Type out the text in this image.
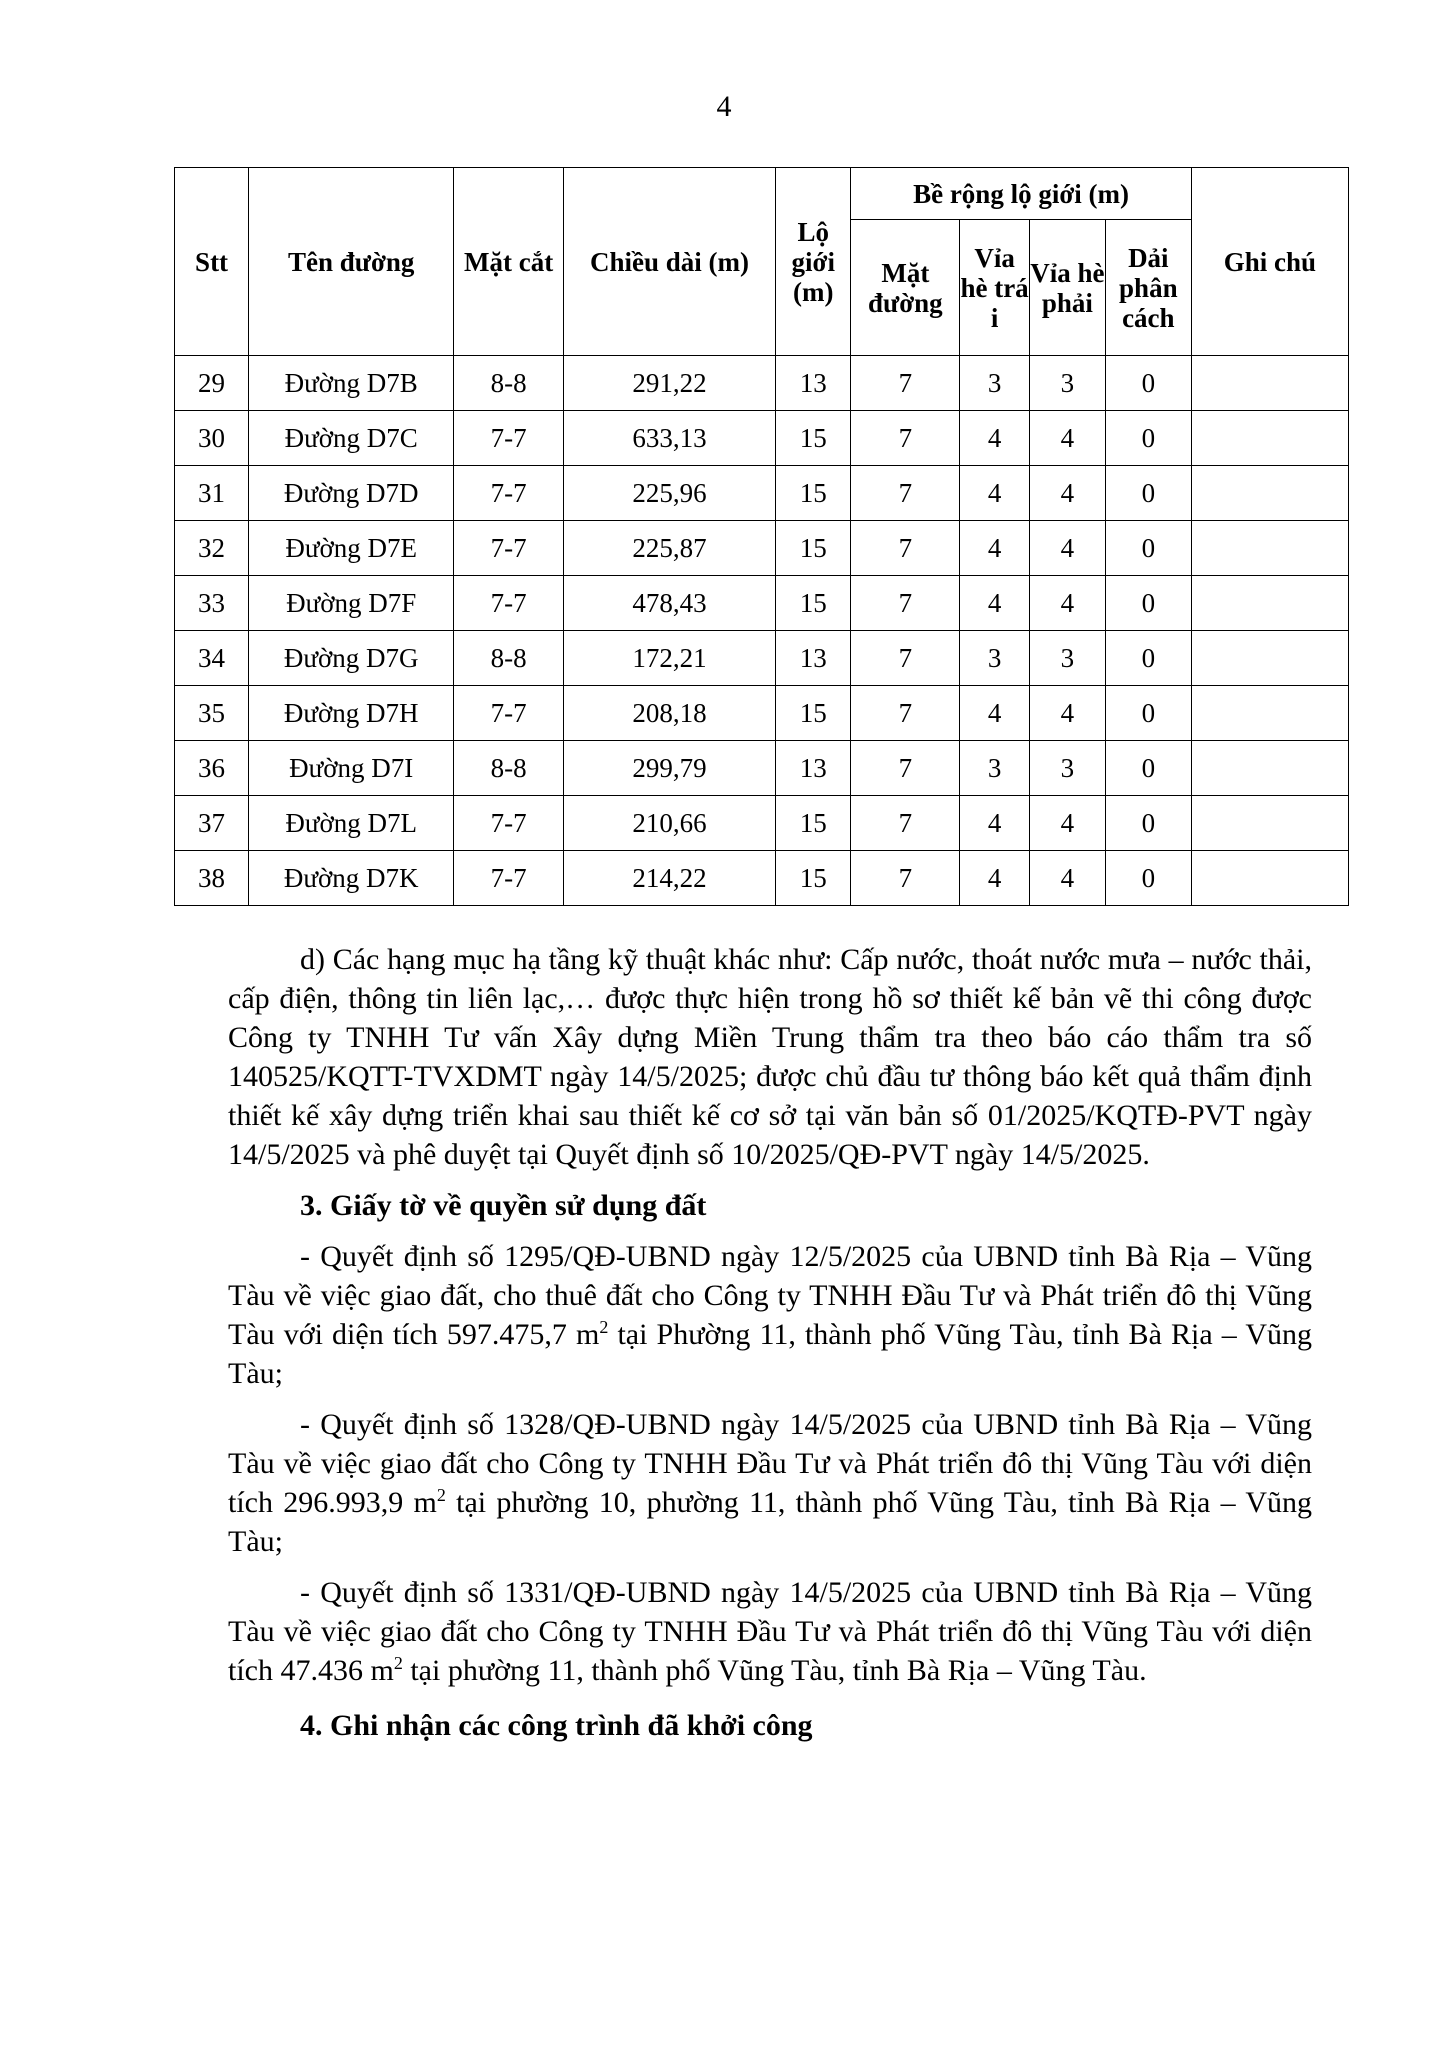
4
Stt	Tên đường	Mặt cắt	Chiều dài (m)	Lộ giới (m)	Bề rộng lộ giới (m)				Ghi chú
					Mặt đường	Vỉa hè trá i	Vỉa hè phải	Dải phân cách	
29	Đường D7B	8-8	291,22	13	7	3	3	0	
30	Đường D7C	7-7	633,13	15	7	4	4	0	
31	Đường D7D	7-7	225,96	15	7	4	4	0	
32	Đường D7E	7-7	225,87	15	7	4	4	0	
33	Đường D7F	7-7	478,43	15	7	4	4	0	
34	Đường D7G	8-8	172,21	13	7	3	3	0	
35	Đường D7H	7-7	208,18	15	7	4	4	0	
36	Đường D7I	8-8	299,79	13	7	3	3	0	
37	Đường D7L	7-7	210,66	15	7	4	4	0	
38	Đường D7K	7-7	214,22	15	7	4	4	0	

d) Các hạng mục hạ tầng kỹ thuật khác như: Cấp nước, thoát nước mưa – nước thải, cấp điện, thông tin liên lạc,… được thực hiện trong hồ sơ thiết kế bản vẽ thi công được Công ty TNHH Tư vấn Xây dựng Miền Trung thẩm tra theo báo cáo thẩm tra số 140525/KQTT-TVXDMT ngày 14/5/2025; được chủ đầu tư thông báo kết quả thẩm định thiết kế xây dựng triển khai sau thiết kế cơ sở tại văn bản số 01/2025/KQTĐ-PVT ngày 14/5/2025 và phê duyệt tại Quyết định số 10/2025/QĐ-PVT ngày 14/5/2025.

3. Giấy tờ về quyền sử dụng đất

- Quyết định số 1295/QĐ-UBND ngày 12/5/2025 của UBND tỉnh Bà Rịa – Vũng Tàu về việc giao đất, cho thuê đất cho Công ty TNHH Đầu Tư và Phát triển đô thị Vũng Tàu với diện tích 597.475,7 $m^2$ tại Phường 11, thành phố Vũng Tàu, tỉnh Bà Rịa – Vũng Tàu;

- Quyết định số 1328/QĐ-UBND ngày 14/5/2025 của UBND tỉnh Bà Rịa – Vũng Tàu về việc giao đất cho Công ty TNHH Đầu Tư và Phát triển đô thị Vũng Tàu với diện tích 296.993,9 $m^2$ tại phường 10, phường 11, thành phố Vũng Tàu, tỉnh Bà Rịa – Vũng Tàu;

- Quyết định số 1331/QĐ-UBND ngày 14/5/2025 của UBND tỉnh Bà Rịa – Vũng Tàu về việc giao đất cho Công ty TNHH Đầu Tư và Phát triển đô thị Vũng Tàu với diện tích 47.436 $m^2$ tại phường 11, thành phố Vũng Tàu, tỉnh Bà Rịa – Vũng Tàu.

4. Ghi nhận các công trình đã khởi công
